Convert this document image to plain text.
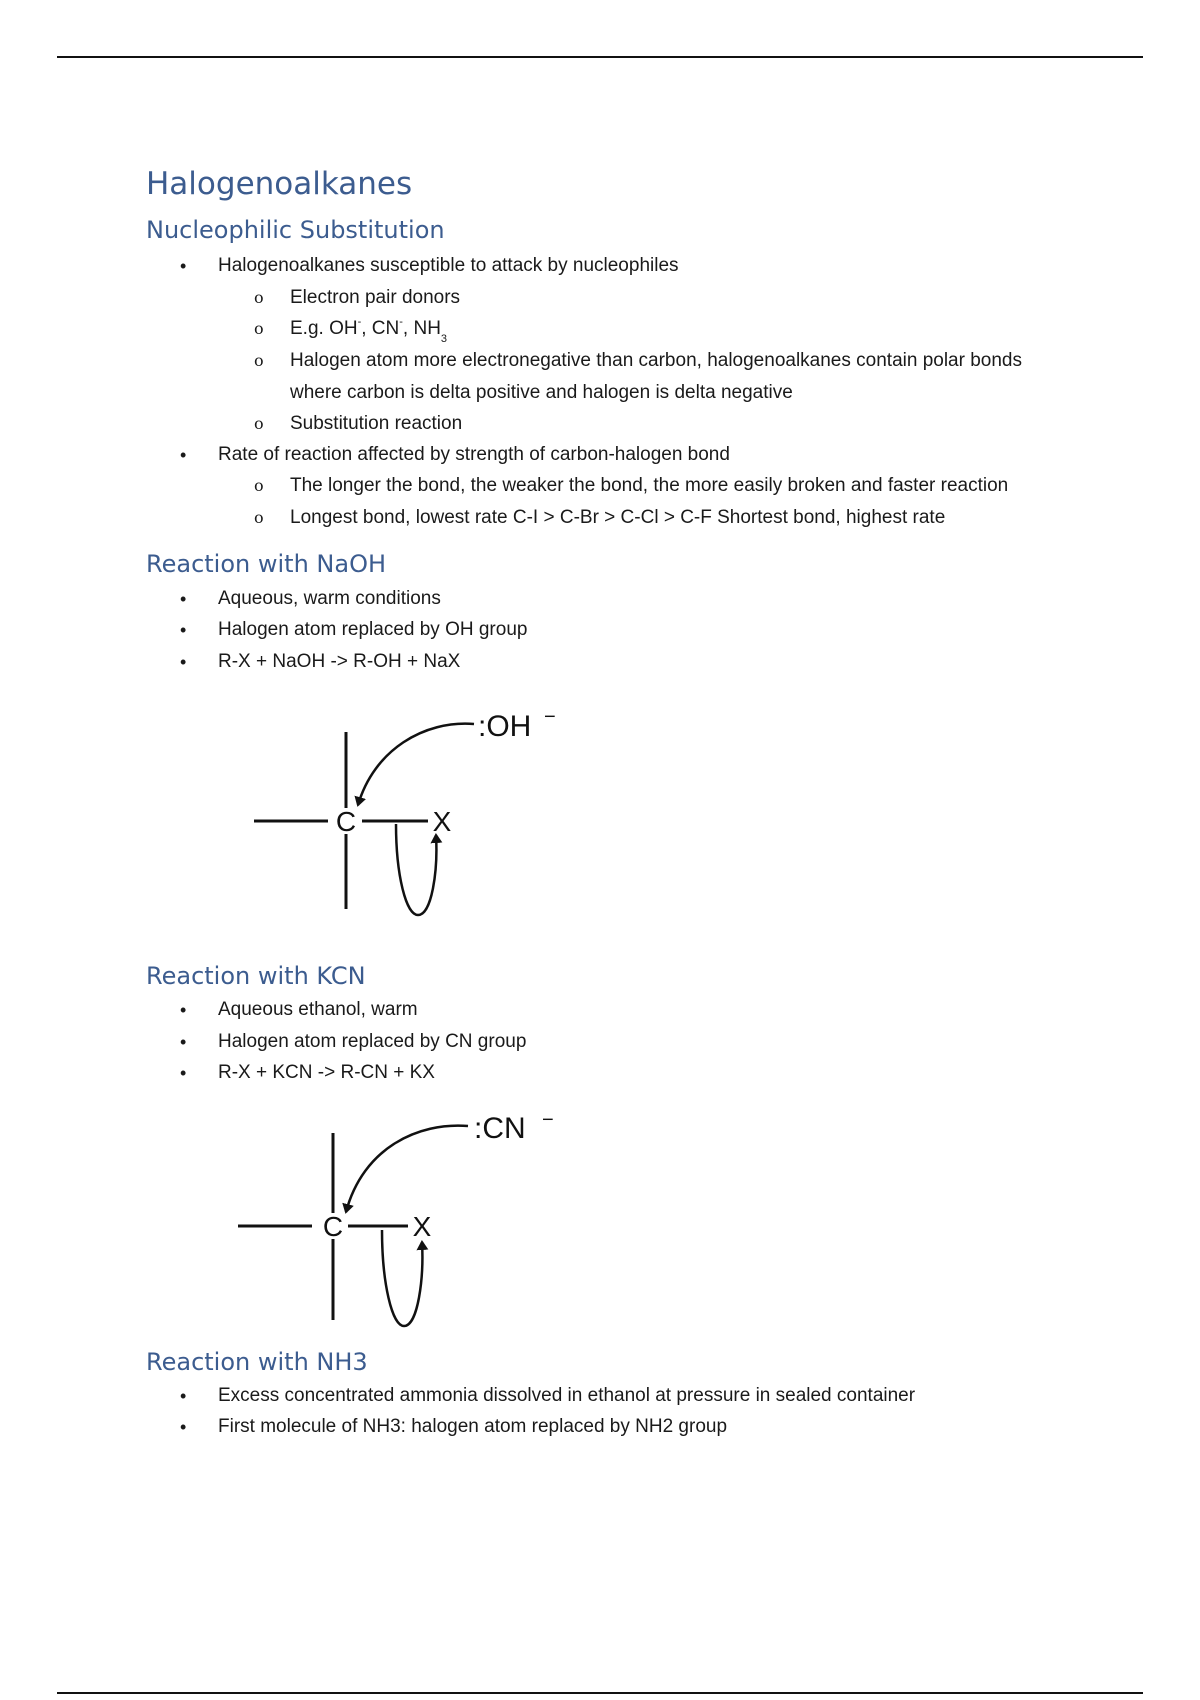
Halogenoalkanes
Nucleophilic Substitution
• Halogenoalkanes susceptible to attack by nucleophiles
o Electron pair donors
o E.g. OH-, CN-, $NH_3$
o Halogen atom more electronegative than carbon, halogenoalkanes contain polar bonds
where carbon is delta positive and halogen is delta negative
o Substitution reaction
• Rate of reaction affected by strength of carbon-halogen bond
o The longer the bond, the weaker the bond, the more easily broken and faster reaction
o Longest bond, lowest rate C-I > C-Br > C-Cl > C-F Shortest bond, highest rate
Reaction with NaOH
• Aqueous, warm conditions
• Halogen atom replaced by OH group
• R-X + NaOH -> R-OH + NaX
C	X
:OH −
Reaction with KCN
• Aqueous ethanol, warm
• Halogen atom replaced by CN group
• R-X + KCN -> R-CN + KX
C X
:CN −
Reaction with NH3
• Excess concentrated ammonia dissolved in ethanol at pressure in sealed container
• First molecule of NH3: halogen atom replaced by NH2 group
